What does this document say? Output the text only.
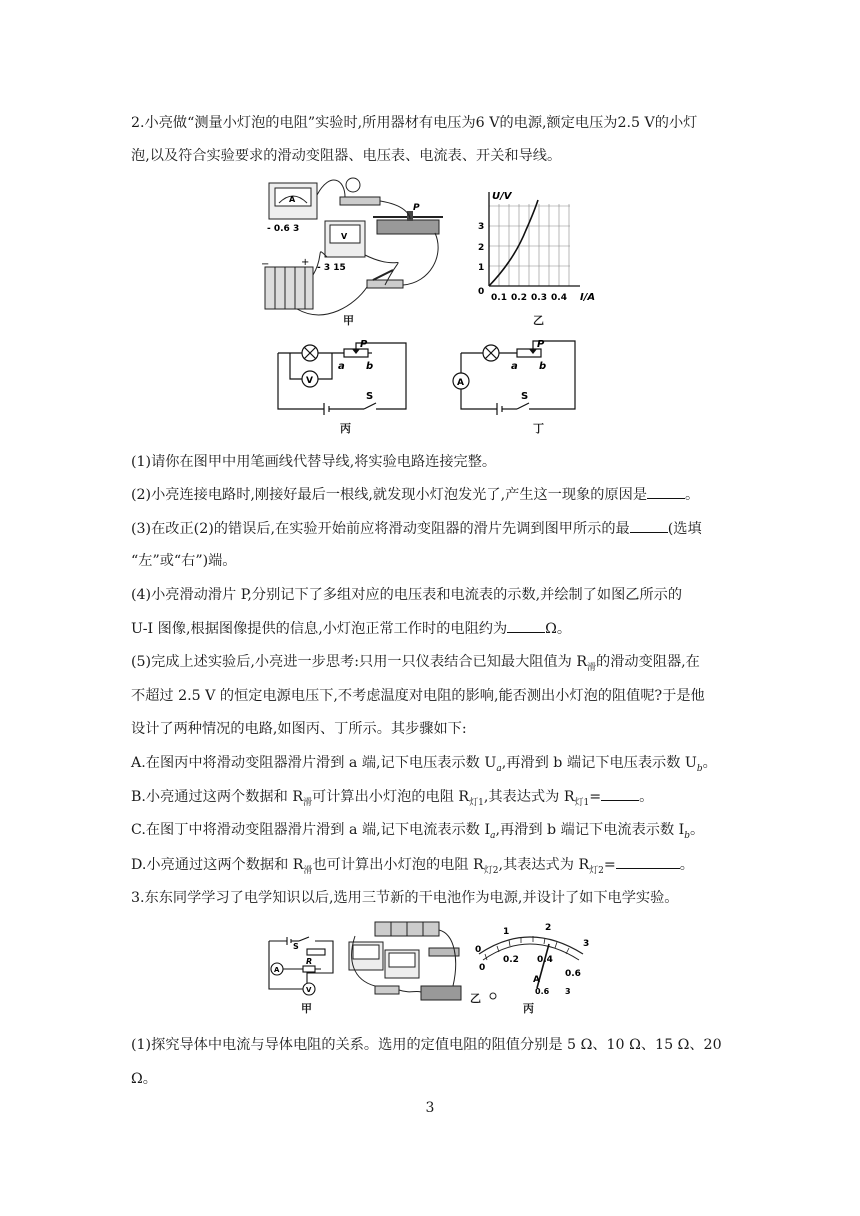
2.小亮做“测量小灯泡的电阻”实验时,所用器材有电压为6 V的电源,额定电压为2.5 V的小灯
泡,以及符合实验要求的滑动变阻器、电压表、电流表、开关和导线。
A
- 0.6 3
−	+
V
- 3 15
P
甲
U/V
3
2
1
0
0.1 0.2 0.3 0.4 I/A
乙
V
P
a b
S
丙
A
P
a b
S
丁
(1)请你在图甲中用笔画线代替导线,将实验电路连接完整。
(2)小亮连接电路时,刚接好最后一根线,就发现小灯泡发光了,产生这一现象的原因是	。
(3)在改正(2)的错误后,在实验开始前应将滑动变阻器的滑片先调到图甲所示的最	(选填
“左”或“右”)端。
(4)小亮滑动滑片 P,分别记下了多组对应的电压表和电流表的示数,并绘制了如图乙所示的
U-I 图像,根据图像提供的信息,小灯泡正常工作时的电阻约为	Ω。
(5)完成上述实验后,小亮进一步思考:只用一只仪表结合已知最大阻值为 $R_滑$的滑动变阻器,在
不超过 2.5 V 的恒定电源电压下,不考虑温度对电阻的影响,能否测出小灯泡的阻值呢?于是他
设计了两种情况的电路,如图丙、丁所示。其步骤如下:
A.在图丙中将滑动变阻器滑片滑到 a 端,记下电压表示数 $U_a$,再滑到 b 端记下电压表示数 $U_b$。
B.小亮通过这两个数据和 $R_滑$可计算出小灯泡的电阻 $R_{灯1}$,其表达式为 $R_{灯1}=$	。
C.在图丁中将滑动变阻器滑片滑到 a 端,记下电流表示数 $I_a$,再滑到 b 端记下电流表示数 $I_b$。
D.小亮通过这两个数据和 $R_滑$也可计算出小灯泡的电阻 $R_{灯2}$,其表达式为 $R_{灯2}=$	。
3.东东同学学习了电学知识以后,选用三节新的干电池作为电源,并设计了如下电学实验。
S
R
A
V
甲
乙
0
1	2
3
0
0.2 0.4
0.6
A
0.6 3
丙
(1)探究导体中电流与导体电阻的关系。选用的定值电阻的阻值分别是 5 Ω、10 Ω、15 Ω、20
Ω。
3
